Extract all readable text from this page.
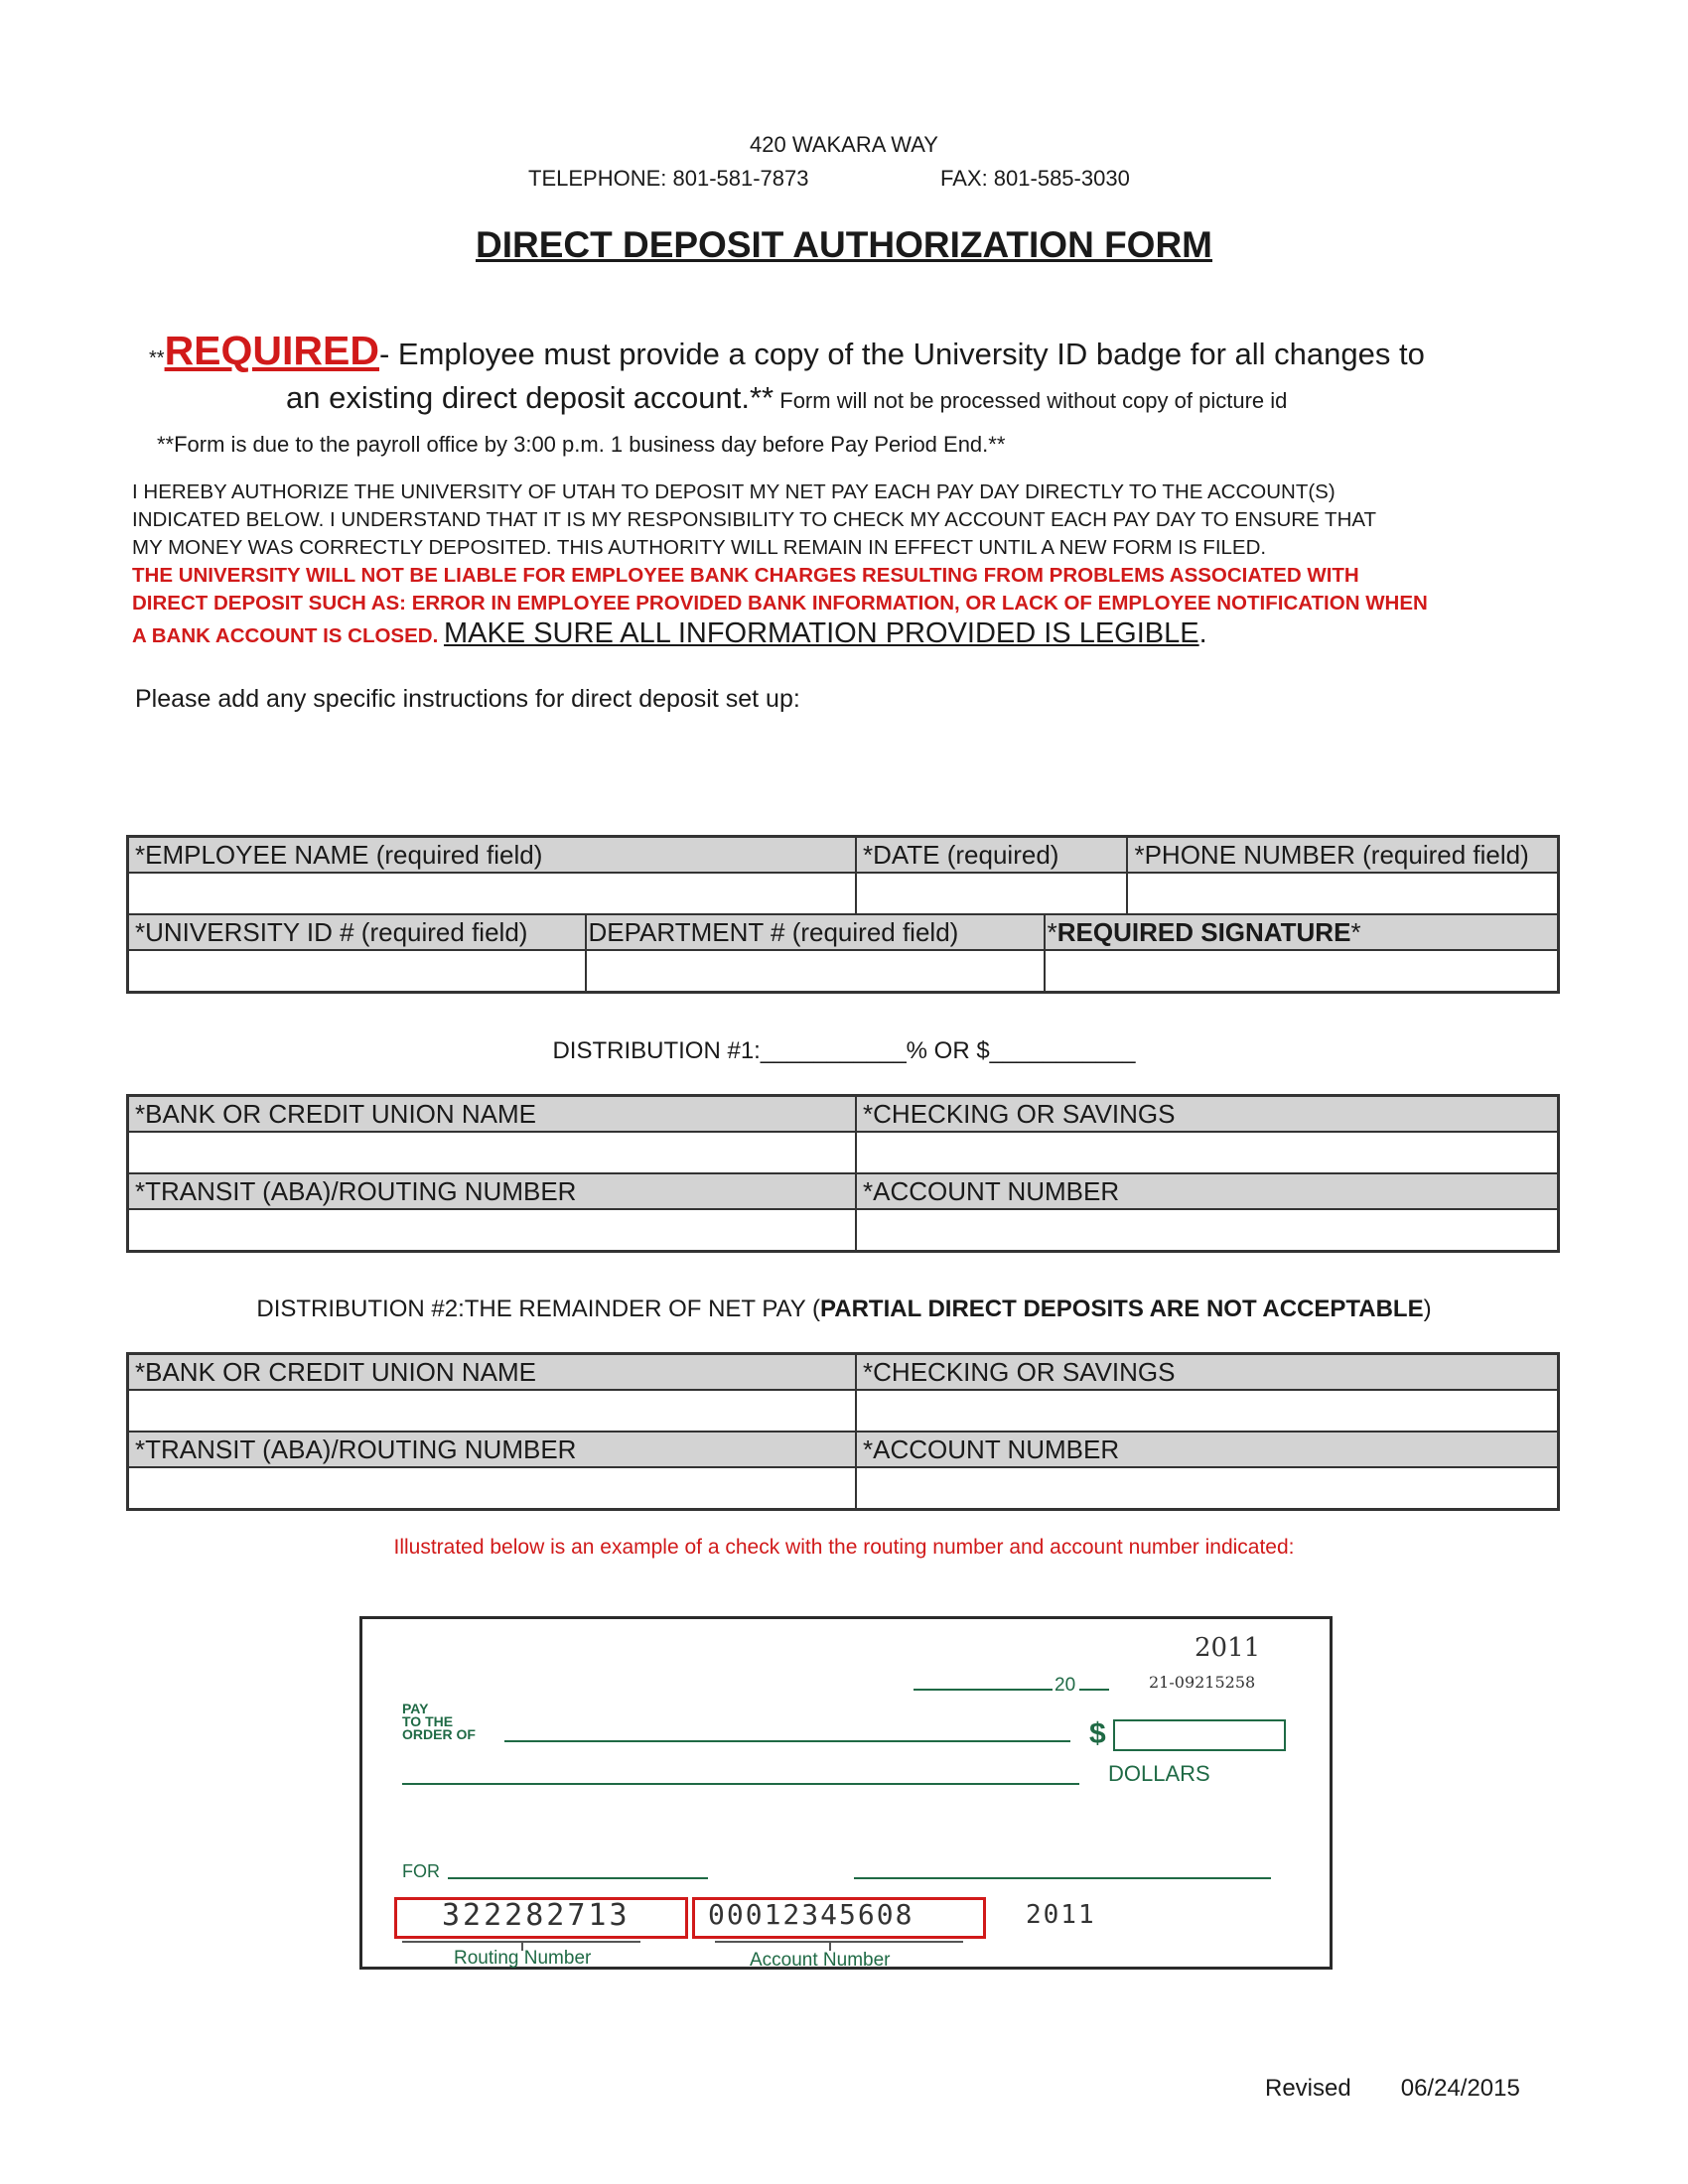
420 WAKARA WAY
TELEPHONE: 801-581-7873	FAX: 801-585-3030
DIRECT DEPOSIT AUTHORIZATION FORM
**REQUIRED- Employee must provide a copy of the University ID badge for all changes to
an existing direct deposit account.** Form will not be processed without copy of picture id
**Form is due to the payroll office by 3:00 p.m. 1 business day before Pay Period End.**
I HEREBY AUTHORIZE THE UNIVERSITY OF UTAH TO DEPOSIT MY NET PAY EACH PAY DAY DIRECTLY TO THE ACCOUNT(S)
INDICATED BELOW. I UNDERSTAND THAT IT IS MY RESPONSIBILITY TO CHECK MY ACCOUNT EACH PAY DAY TO ENSURE THAT
MY MONEY WAS CORRECTLY DEPOSITED. THIS AUTHORITY WILL REMAIN IN EFFECT UNTIL A NEW FORM IS FILED.
THE UNIVERSITY WILL NOT BE LIABLE FOR EMPLOYEE BANK CHARGES RESULTING FROM PROBLEMS ASSOCIATED WITH
DIRECT DEPOSIT SUCH AS: ERROR IN EMPLOYEE PROVIDED BANK INFORMATION, OR LACK OF EMPLOYEE NOTIFICATION WHEN
A BANK ACCOUNT IS CLOSED. MAKE SURE ALL INFORMATION PROVIDED IS LEGIBLE.
Please add any specific instructions for direct deposit set up:
*EMPLOYEE NAME (required field)		*DATE (required)		*PHONE NUMBER (required field)

*UNIVERSITY ID # (required field)	DEPARTMENT # (required field)		*REQUIRED SIGNATURE*	

DISTRIBUTION #1:___________% OR $___________
*BANK OR CREDIT UNION NAME	*CHECKING OR SAVINGS

*TRANSIT (ABA)/ROUTING NUMBER	*ACCOUNT NUMBER

DISTRIBUTION #2:THE REMAINDER OF NET PAY (PARTIAL DIRECT DEPOSITS ARE NOT ACCEPTABLE)
*BANK OR CREDIT UNION NAME	*CHECKING OR SAVINGS

*TRANSIT (ABA)/ROUTING NUMBER	*ACCOUNT NUMBER

Illustrated below is an example of a check with the routing number and account number indicated:
2011
20	21-09215258
PAY
TO THE
ORDER OF	$
DOLLARS
FOR
322282713	00012345608	2011
Routing Number	Account Number
Revised 06/24/2015
